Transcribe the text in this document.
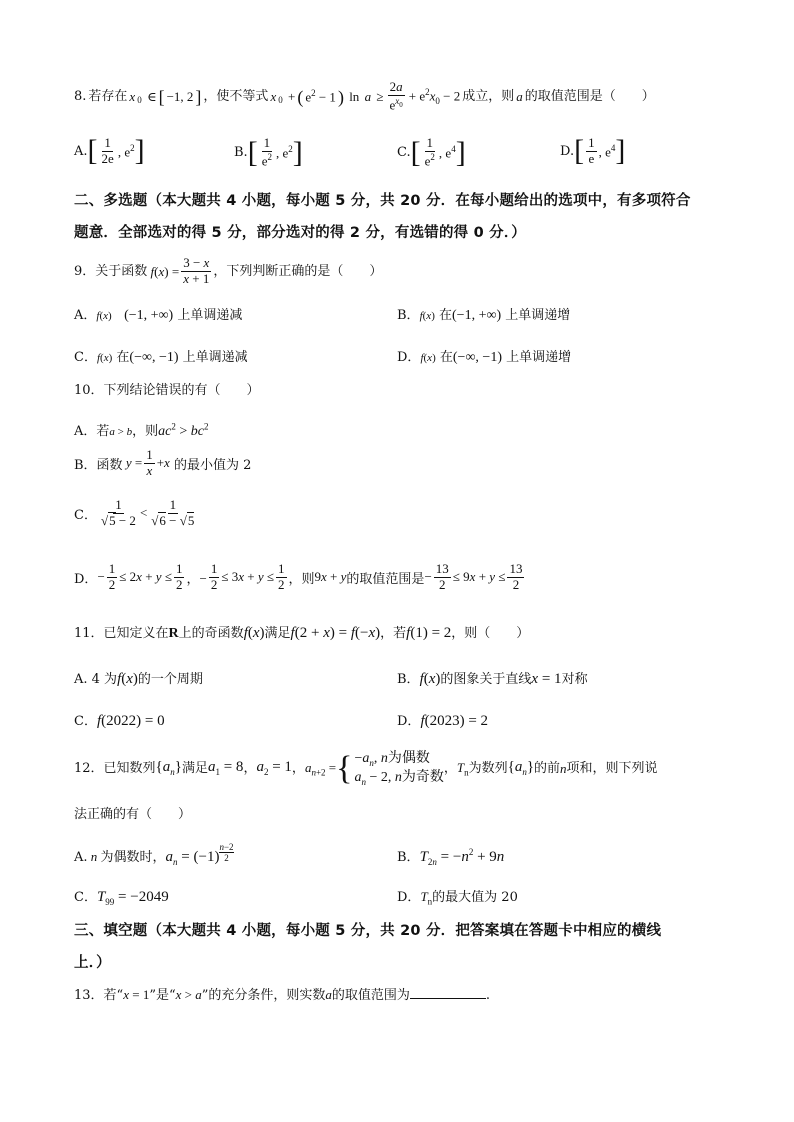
8. 若存在 $x_0$ ∈ [ −1, 2 ] ，使不等式 $x_0$ + ( $e^2 - 1$ ) $\ln a \ge \frac{2a}{e^{x_0}} + e^2x_0 - 2$ 成立，则 a 的取值范围是（　　）
A. [ $\frac{1}{2e}$ , $e^2$ ]	B. [ $\frac{1}{e^2}$ , $e^2$ ]	C. [ $\frac{1}{e^2}$ , $e^4$ ]	D. [ $\frac{1}{e}$ , $e^4$ ]
二、多选题（本大题共 4 小题，每小题 5 分，共 20 分．在每小题给出的选项中，有多项符合
题意．全部选对的得 5 分，部分选对的得 2 分，有选错的得 0 分．）
9．关于函数 f ( x ) = $\frac{3 - x}{x + 1}$ ，下列判断正确的是（　　）
A．f(x) (−1, +∞) 上单调递减	B．f(x) 在(−1, +∞) 上单调递增
C．f(x) 在(−∞, −1) 上单调递减	D．f(x) 在(−∞, −1) 上单调递增
10．下列结论错误的有（　　）
A．若a > b，则$ac^2 > bc^2$
B．函数 $y = \frac{1}{x} + x$
的最小值为 2
C． $\frac{1}{√5 - 2} < \frac{1}{√6 - √5}$
D． − $\frac{1}{2} \le 2x + y \le \frac{1}{2}$ ，− $\frac{1}{2} \le 3x + y \le \frac{1}{2}$ ，则 9x + y 的取值范围是 − $\frac{13}{2} \le 9x + y \le \frac{13}{2}$
11．已知定义在R上的奇函数f(x)满足f(2 + x) = f(−x)，若f(1) = 2，则（　　）
A. 4 为f(x)的一个周期	B．f(x)的图象关于直线x = 1对称
C．f(2022) = 0	D．f(2023) = 2
12．已知数列 $\{a_n\}$ 满足 $a_1 = 8$ ， $a_2 = 1$ ， $a_{n+2}$ = { $-a_n$, n为偶数
$a_n - 2$, n为奇数
， $T_n$ 为数列 $\{a_n\}$ 的前 n 项和，则下列说
法正确的有（　　）
A. n 为偶数时，$a_n = (-1)$ $^{\frac{n-2}{2}}$	B．$T_{2n} = -n^2 + 9n$
C．$T_{99} = -2049$	D．$T_n$的最大值为 20
三、填空题（本大题共 4 小题，每小题 5 分，共 20 分．把答案填在答题卡中相应的横线
上．）
13．若“x = 1”是“x > a”的充分条件，则实数a的取值范围为	.
